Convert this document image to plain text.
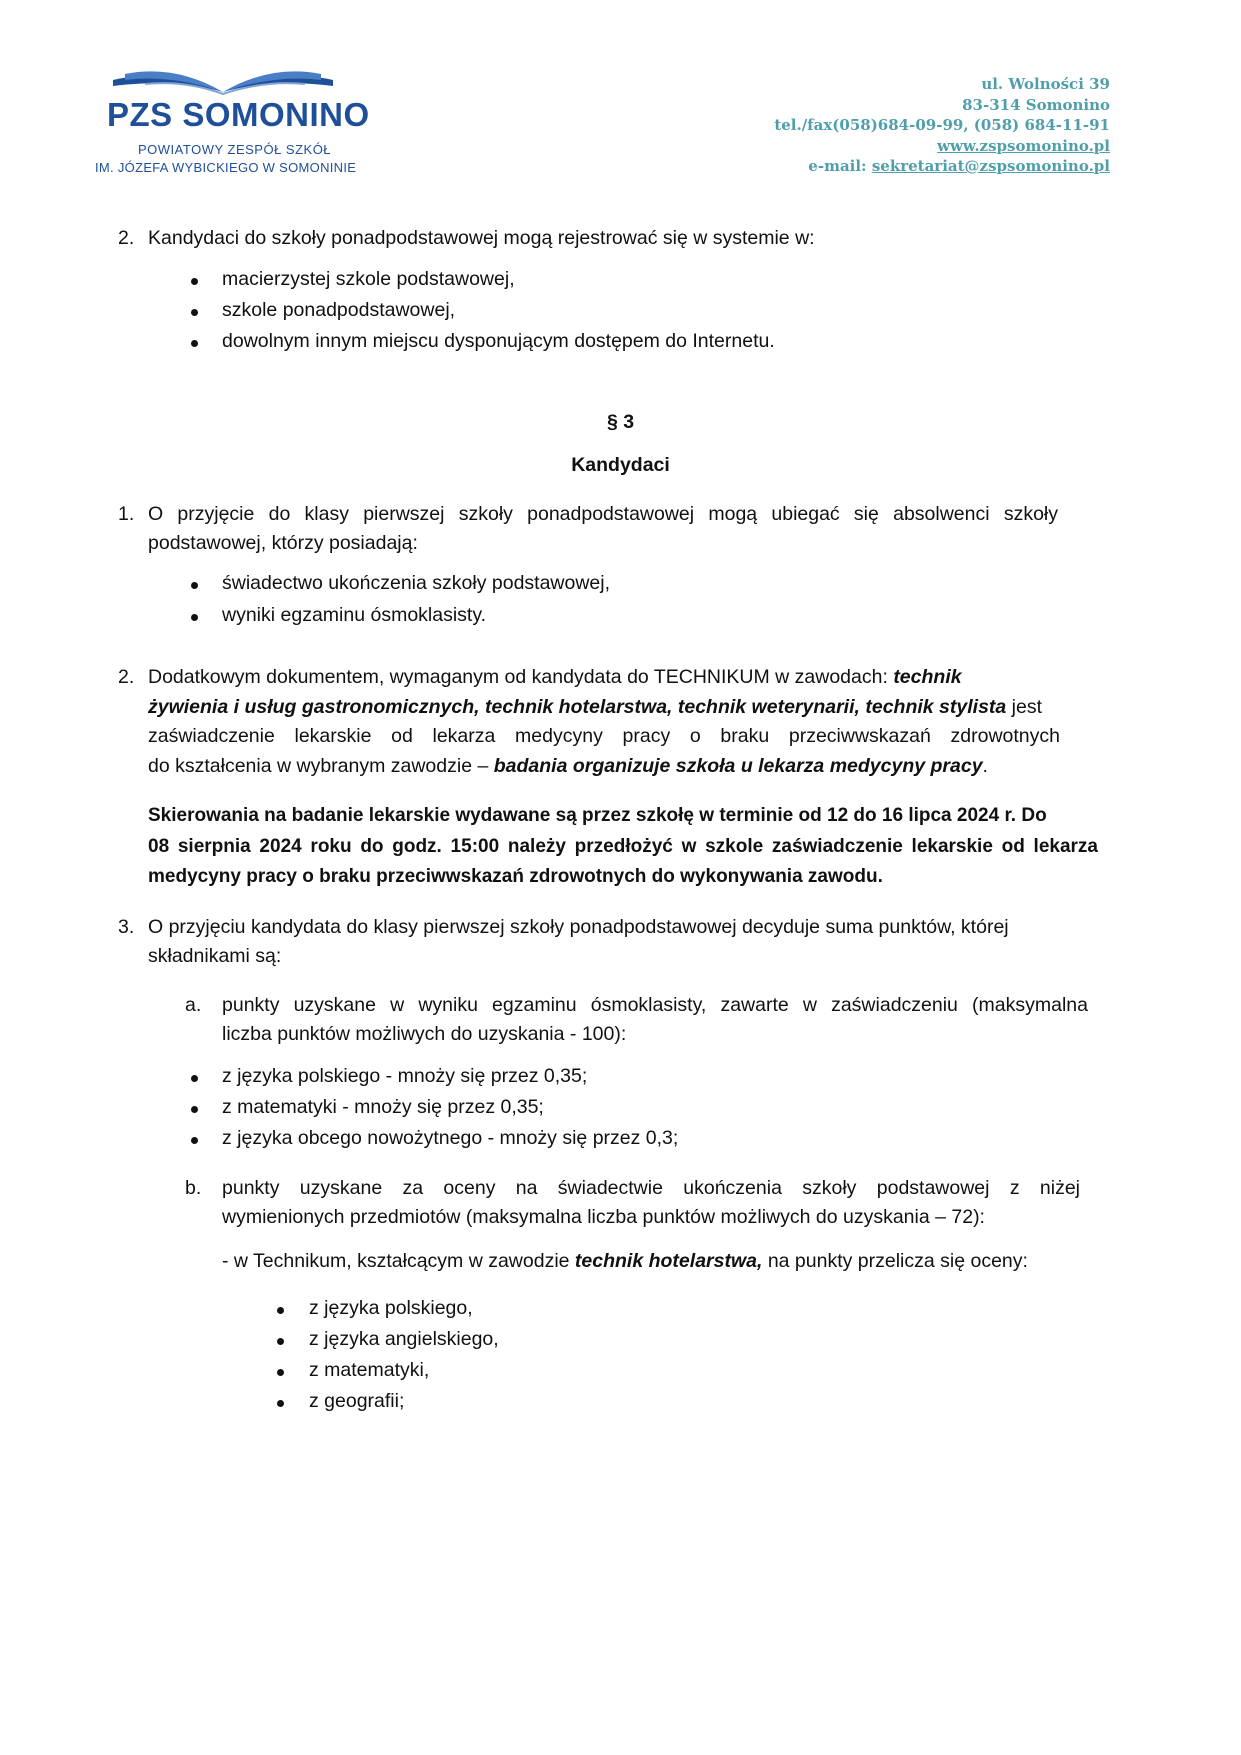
PZS SOMONINO
POWIATOWY ZESPÓŁ SZKÓŁ
IM. JÓZEFA WYBICKIEGO W SOMONINIE
ul. Wolności 39
83-314 Somonino
tel./fax(058)684-09-99, (058) 684-11-91
www.zspsomonino.pl
e-mail: sekretariat@zspsomonino.pl
2. Kandydaci do szkoły ponadpodstawowej mogą rejestrować się w systemie w:
macierzystej szkole podstawowej,
szkole ponadpodstawowej,
dowolnym innym miejscu dysponującym dostępem do Internetu.
§ 3
Kandydaci
1. O przyjęcie do klasy pierwszej szkoły ponadpodstawowej mogą ubiegać się absolwenci szkoły
podstawowej, którzy posiadają:
świadectwo ukończenia szkoły podstawowej,
wyniki egzaminu ósmoklasisty.
2. Dodatkowym dokumentem, wymaganym od kandydata do TECHNIKUM w zawodach: technik
żywienia i usług gastronomicznych, technik hotelarstwa, technik weterynarii, technik stylista jest
zaświadczenie lekarskie od lekarza medycyny pracy o braku przeciwwskazań zdrowotnych
do kształcenia w wybranym zawodzie – badania organizuje szkoła u lekarza medycyny pracy.
Skierowania na badanie lekarskie wydawane są przez szkołę w terminie od 12 do 16 lipca 2024 r. Do
08 sierpnia 2024 roku do godz. 15:00 należy przedłożyć w szkole zaświadczenie lekarskie od lekarza
medycyny pracy o braku przeciwwskazań zdrowotnych do wykonywania zawodu.
3. O przyjęciu kandydata do klasy pierwszej szkoły ponadpodstawowej decyduje suma punktów, której
składnikami są:
a. punkty uzyskane w wyniku egzaminu ósmoklasisty, zawarte w zaświadczeniu (maksymalna
liczba punktów możliwych do uzyskania - 100):
z języka polskiego - mnoży się przez 0,35;
z matematyki - mnoży się przez 0,35;
z języka obcego nowożytnego - mnoży się przez 0,3;
b. punkty uzyskane za oceny na świadectwie ukończenia szkoły podstawowej z niżej
wymienionych przedmiotów (maksymalna liczba punktów możliwych do uzyskania – 72):
- w Technikum, kształcącym w zawodzie technik hotelarstwa, na punkty przelicza się oceny:
z języka polskiego,
z języka angielskiego,
z matematyki,
z geografii;
